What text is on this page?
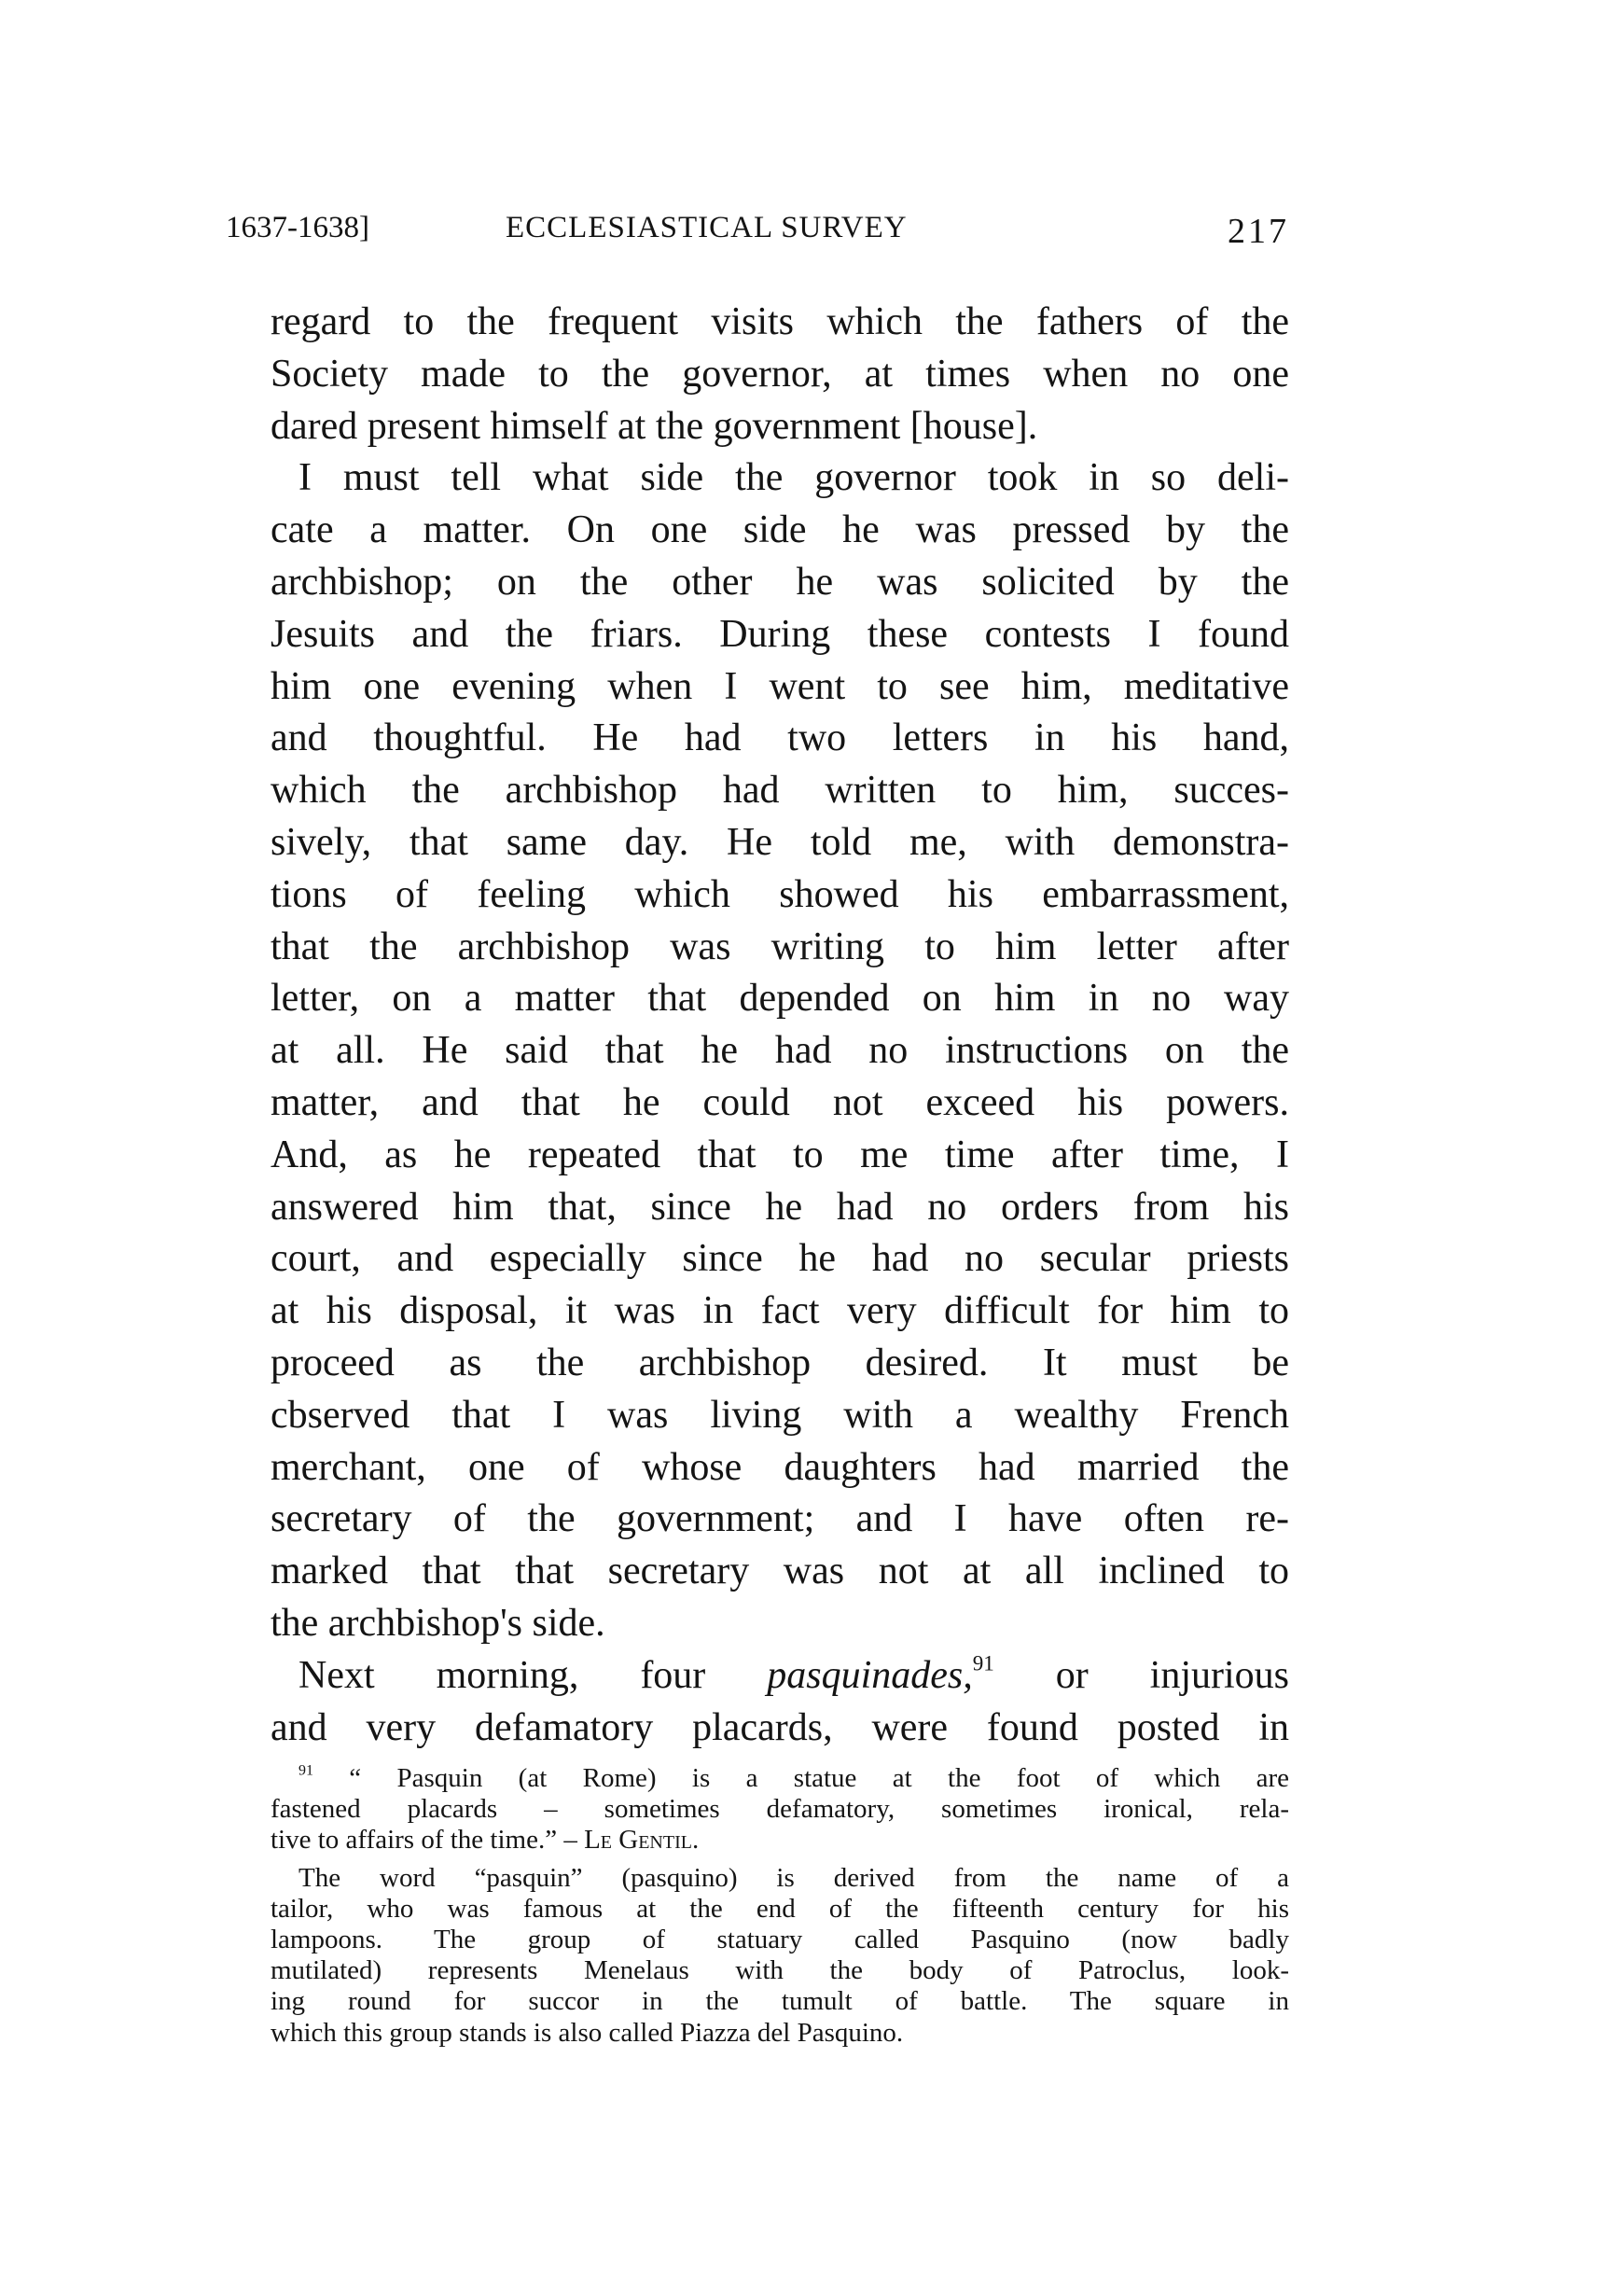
1637-1638]	ECCLESIASTICAL SURVEY	217
regard to the frequent visits which the fathers of the
Society made to the governor, at times when no one
dared present himself at the government [house].
I must tell what side the governor took in so deli-
cate a matter. On one side he was pressed by the
archbishop; on the other he was solicited by the
Jesuits and the friars. During these contests I found
him one evening when I went to see him, meditative
and thoughtful. He had two letters in his hand,
which the archbishop had written to him, succes-
sively, that same day. He told me, with demonstra-
tions of feeling which showed his embarrassment,
that the archbishop was writing to him letter after
letter, on a matter that depended on him in no way
at all. He said that he had no instructions on the
matter, and that he could not exceed his powers.
And, as he repeated that to me time after time, I
answered him that, since he had no orders from his
court, and especially since he had no secular priests
at his disposal, it was in fact very difficult for him to
proceed as the archbishop desired. It must be
cbserved that I was living with a wealthy French
merchant, one of whose daughters had married the
secretary of the government; and I have often re-
marked that that secretary was not at all inclined to
the archbishop's side.
Next morning, four pasquinades,$^{91}$ or injurious
and very defamatory placards, were found posted in
$^{91}$ “ Pasquin (at Rome) is a statue at the foot of which are
fastened placards – sometimes defamatory, sometimes ironical, rela-
tive to affairs of the time.” – Le Gentil.
The word “pasquin” (pasquino) is derived from the name of a
tailor, who was famous at the end of the fifteenth century for his
lampoons. The group of statuary called Pasquino (now badly
mutilated) represents Menelaus with the body of Patroclus, look-
ing round for succor in the tumult of battle. The square in
which this group stands is also called Piazza del Pasquino.
